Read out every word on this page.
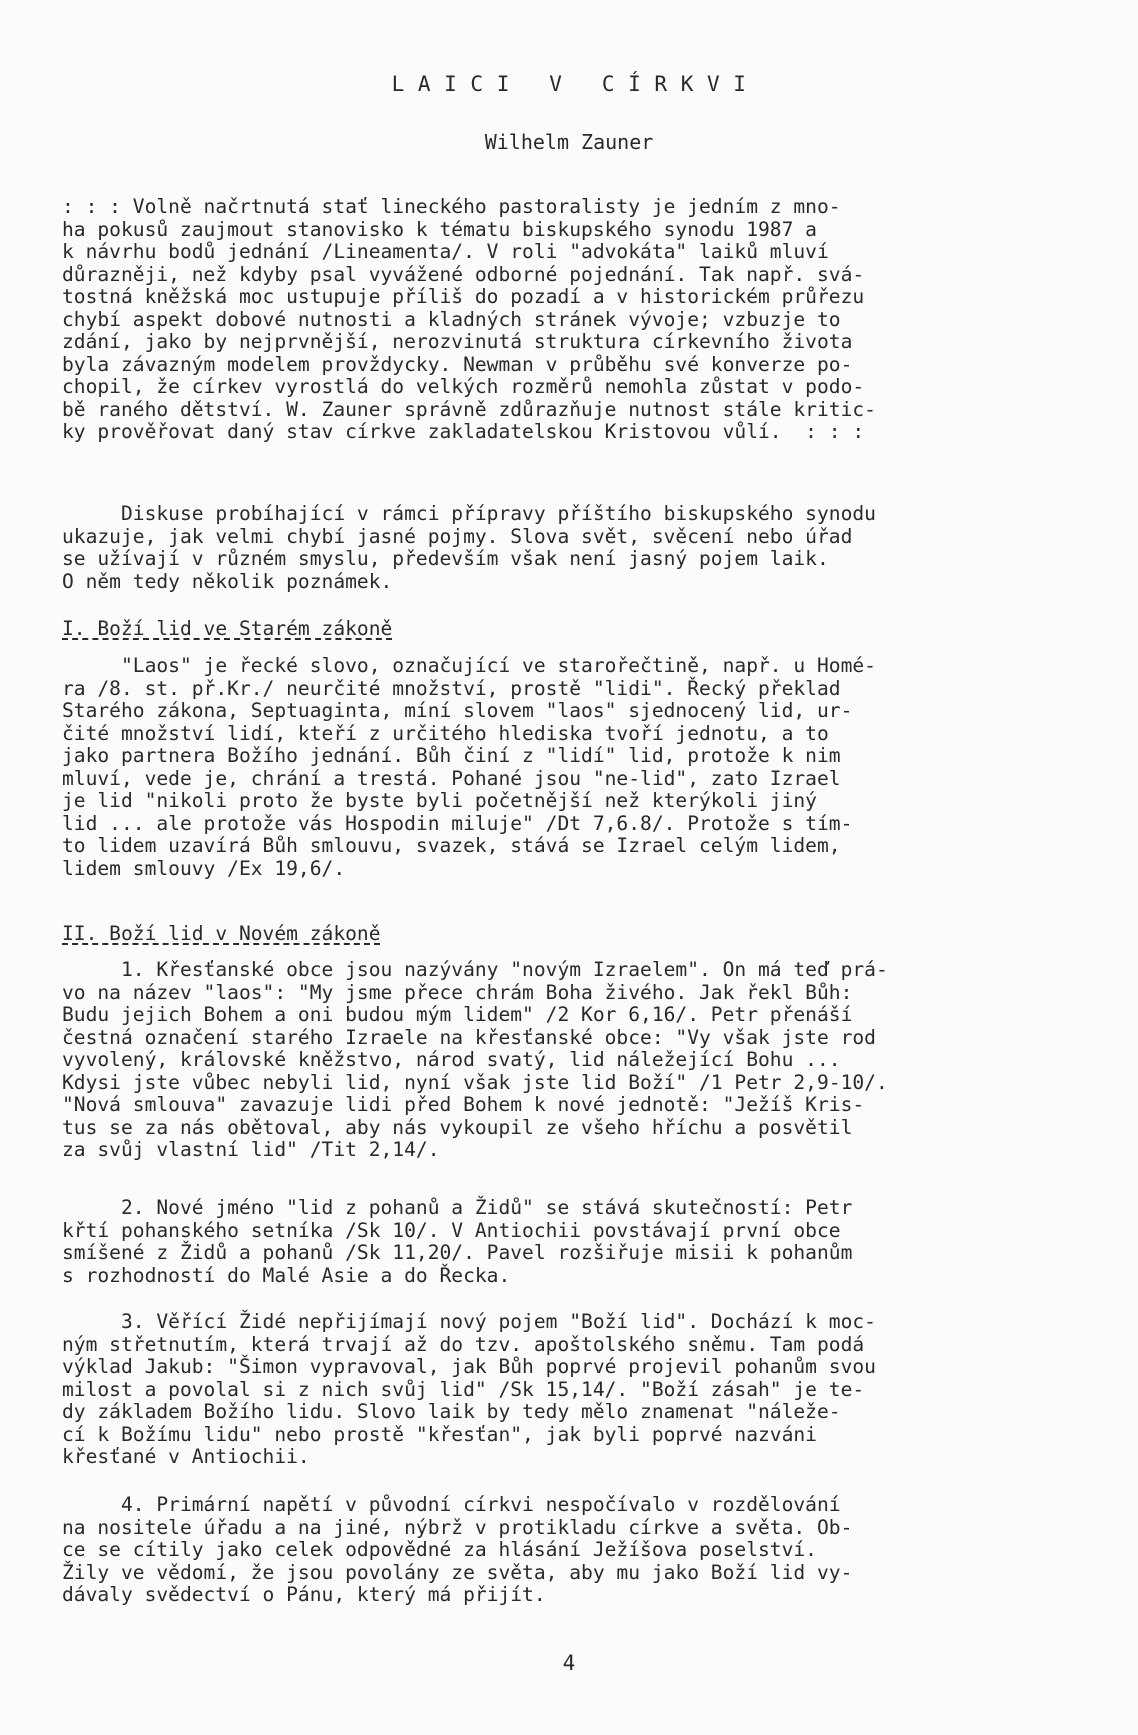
L A I C I   V   C Í R K V I
Wilhelm Zauner
: : : Volně načrtnutá stať lineckého pastoralisty je jedním z mno-
ha pokusů zaujmout stanovisko k tématu biskupského synodu 1987 a
k návrhu bodů jednání /Lineamenta/. V roli "advokáta" laiků mluví
důrazněji, než kdyby psal vyvážené odborné pojednání. Tak např. svá-
tostná kněžská moc ustupuje příliš do pozadí a v historickém průřezu
chybí aspekt dobové nutnosti a kladných stránek vývoje; vzbuzje to
zdání, jako by nejprvnější, nerozvinutá struktura církevního života
byla závazným modelem provždycky. Newman v průběhu své konverze po-
chopil, že církev vyrostlá do velkých rozměrů nemohla zůstat v podo-
bě raného dětství. W. Zauner správně zdůrazňuje nutnost stále kritic-
ky prověřovat daný stav církve zakladatelskou Kristovou vůlí.  : : :
Diskuse probíhající v rámci přípravy příštího biskupského synodu
ukazuje, jak velmi chybí jasné pojmy. Slova svět, svěcení nebo úřad
se užívají v různém smyslu, především však není jasný pojem laik.
O něm tedy několik poznámek.
I. Boží lid ve Starém zákoně
"Laos" je řecké slovo, označující ve starořečtině, např. u Homé-
ra /8. st. př.Kr./ neurčité množství, prostě "lidi". Řecký překlad
Starého zákona, Septuaginta, míní slovem "laos" sjednocený lid, ur-
čité množství lidí, kteří z určitého hlediska tvoří jednotu, a to
jako partnera Božího jednání. Bůh činí z "lidí" lid, protože k nim
mluví, vede je, chrání a trestá. Pohané jsou "ne-lid", zato Izrael
je lid "nikoli proto že byste byli početnější než kterýkoli jiný
lid ... ale protože vás Hospodin miluje" /Dt 7,6.8/. Protože s tím-
to lidem uzavírá Bůh smlouvu, svazek, stává se Izrael celým lidem,
lidem smlouvy /Ex 19,6/.
II. Boží lid v Novém zákoně
1. Křesťanské obce jsou nazývány "novým Izraelem". On má teď prá-
vo na název "laos": "My jsme přece chrám Boha živého. Jak řekl Bůh:
Budu jejich Bohem a oni budou mým lidem" /2 Kor 6,16/. Petr přenáší
čestná označení starého Izraele na křesťanské obce: "Vy však jste rod
vyvolený, královské kněžstvo, národ svatý, lid náležející Bohu ...
Kdysi jste vůbec nebyli lid, nyní však jste lid Boží" /1 Petr 2,9-10/.
"Nová smlouva" zavazuje lidi před Bohem k nové jednotě: "Ježíš Kris-
tus se za nás obětoval, aby nás vykoupil ze všeho hříchu a posvětil
za svůj vlastní lid" /Tit 2,14/.
2. Nové jméno "lid z pohanů a Židů" se stává skutečností: Petr
křtí pohanského setníka /Sk 10/. V Antiochii povstávají první obce
smíšené z Židů a pohanů /Sk 11,20/. Pavel rozšiřuje misii k pohanům
s rozhodností do Malé Asie a do Řecka.
3. Věřící Židé nepřijímají nový pojem "Boží lid". Dochází k moc-
ným střetnutím, která trvají až do tzv. apoštolského sněmu. Tam podá
výklad Jakub: "Šimon vypravoval, jak Bůh poprvé projevil pohanům svou
milost a povolal si z nich svůj lid" /Sk 15,14/. "Boží zásah" je te-
dy základem Božího lidu. Slovo laik by tedy mělo znamenat "náleže-
cí k Božímu lidu" nebo prostě "křesťan", jak byli poprvé nazváni
křesťané v Antiochii.
4. Primární napětí v původní církvi nespočívalo v rozdělování
na nositele úřadu a na jiné, nýbrž v protikladu církve a světa. Ob-
ce se cítily jako celek odpovědné za hlásání Ježíšova poselství.
Žily ve vědomí, že jsou povolány ze světa, aby mu jako Boží lid vy-
dávaly svědectví o Pánu, který má přijít.
4
